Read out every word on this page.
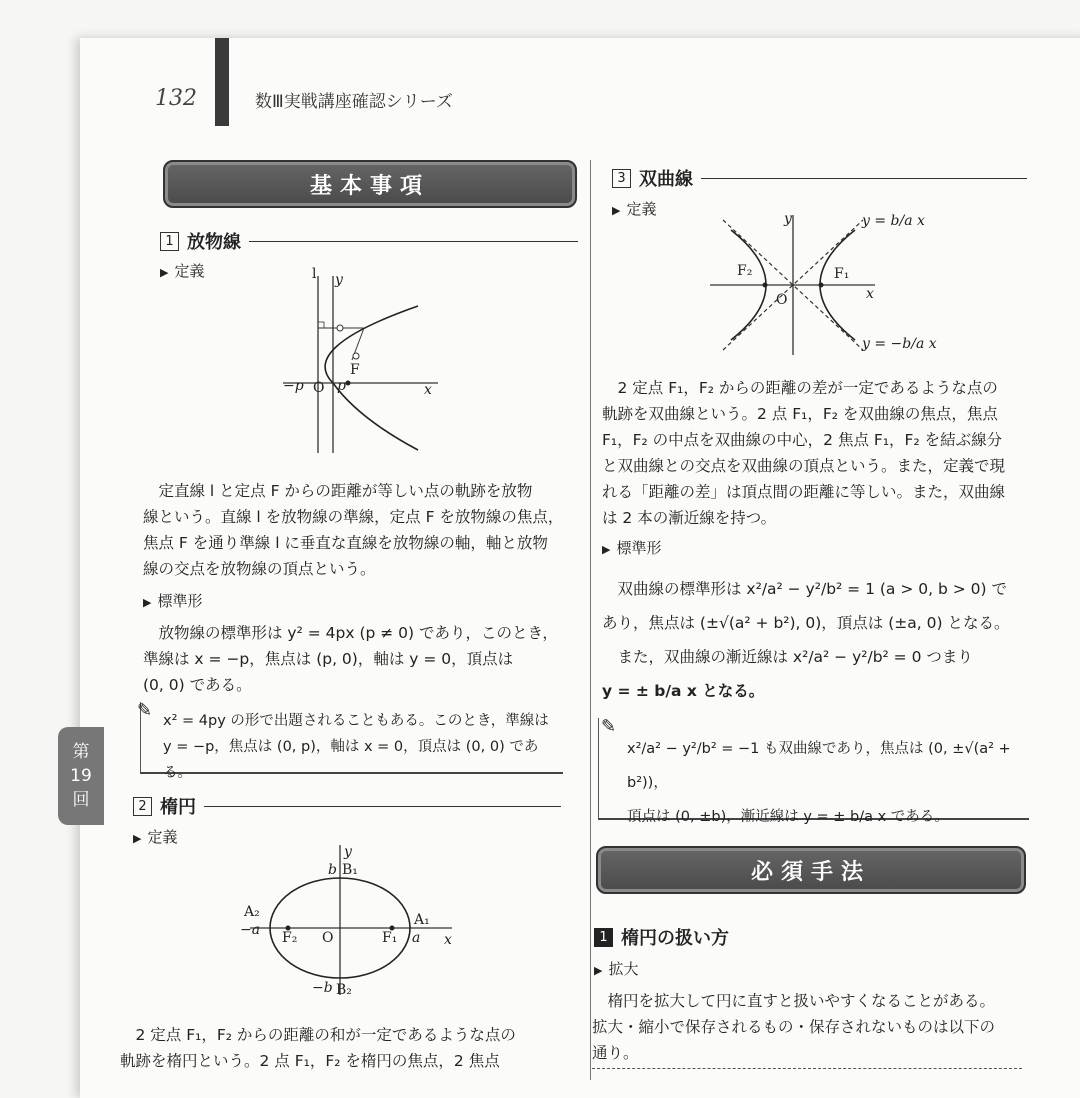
132	数Ⅲ実戦講座確認シリーズ
第
19
回
基本事項
1 放物線
▶ 定義	l y
F
−p O p	x
定直線 l と定点 F からの距離が等しい点の軌跡を放物
線という。直線 l を放物線の準線，定点 F を放物線の焦点，
焦点 F を通り準線 l に垂直な直線を放物線の軸，軸と放物
線の交点を放物線の頂点という。
▶ 標準形
放物線の標準形は y² = 4px (p ≠ 0) であり，このとき，
準線は x = −p，焦点は (p, 0)，軸は y = 0，頂点は
(0, 0) である。
✎ x² = 4py の形で出題されることもある。このとき，準線は
y = −p，焦点は (0, p)，軸は x = 0，頂点は (0, 0) である。
2 楕円
▶ 定義
y
b B₁
A₂
−a F₂ O	F₁
A₁
a x
−b B₂
2 定点 F₁，F₂ からの距離の和が一定であるような点の
軌跡を楕円という。2 点 F₁，F₂ を楕円の焦点，2 焦点
3 双曲線
▶ 定義
y	y = b/a x
F₂	F₁
O	x
y = −b/a x
2 定点 F₁，F₂ からの距離の差が一定であるような点の
軌跡を双曲線という。2 点 F₁，F₂ を双曲線の焦点，焦点
F₁，F₂ の中点を双曲線の中心，2 焦点 F₁，F₂ を結ぶ線分
と双曲線との交点を双曲線の頂点という。また，定義で現
れる「距離の差」は頂点間の距離に等しい。また，双曲線
は 2 本の漸近線を持つ。
▶ 標準形
双曲線の標準形は x²/a² − y²/b² = 1 (a > 0, b > 0) で
あり，焦点は (±√(a² + b²), 0)，頂点は (±a, 0) となる。
また，双曲線の漸近線は x²/a² − y²/b² = 0 つまり
y = ± b/a x となる。
✎
x²/a² − y²/b² = −1 も双曲線であり，焦点は (0, ±√(a² + b²))，
頂点は (0, ±b)，漸近線は y = ± b/a x である。
必須手法
1 楕円の扱い方
▶ 拡大
楕円を拡大して円に直すと扱いやすくなることがある。
拡大・縮小で保存されるもの・保存されないものは以下の
通り。
